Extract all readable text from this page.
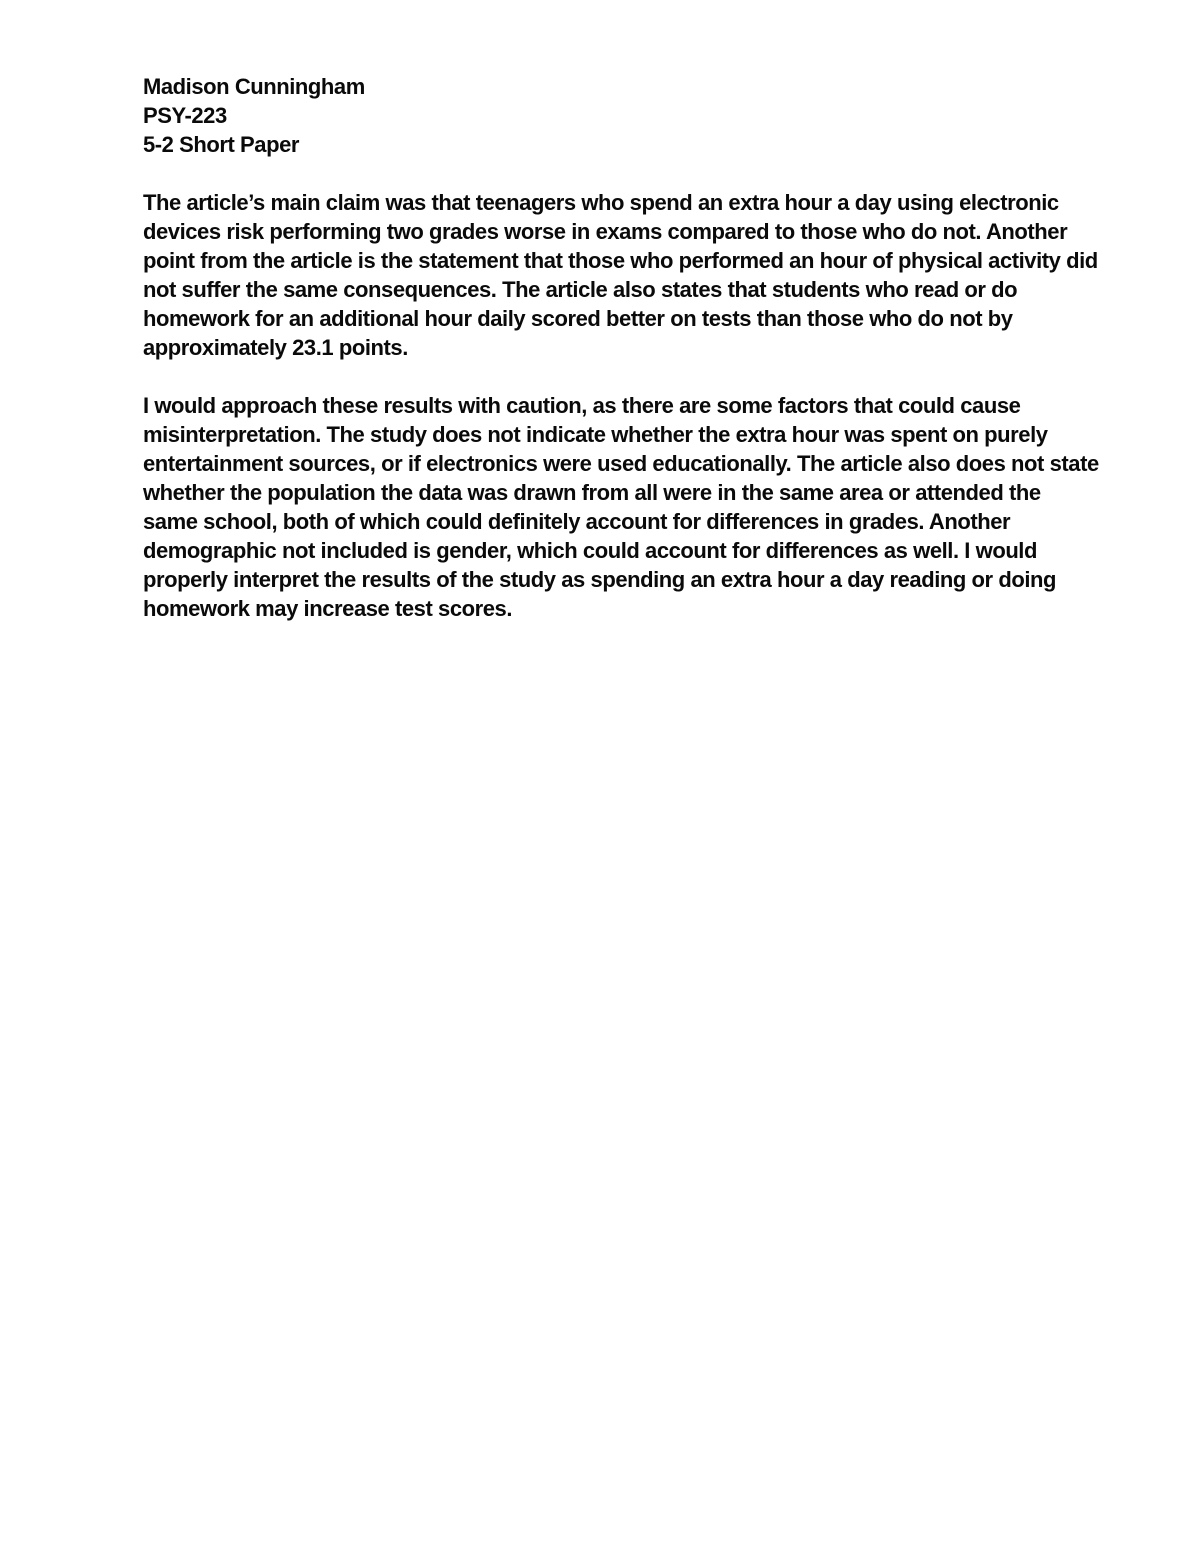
Madison Cunningham
PSY-223
5-2 Short Paper
The article’s main claim was that teenagers who spend an extra hour a day using electronic
devices risk performing two grades worse in exams compared to those who do not. Another
point from the article is the statement that those who performed an hour of physical activity did
not suffer the same consequences. The article also states that students who read or do
homework for an additional hour daily scored better on tests than those who do not by
approximately 23.1 points.
I would approach these results with caution, as there are some factors that could cause
misinterpretation. The study does not indicate whether the extra hour was spent on purely
entertainment sources, or if electronics were used educationally. The article also does not state
whether the population the data was drawn from all were in the same area or attended the
same school, both of which could definitely account for differences in grades. Another
demographic not included is gender, which could account for differences as well. I would
properly interpret the results of the study as spending an extra hour a day reading or doing
homework may increase test scores.
